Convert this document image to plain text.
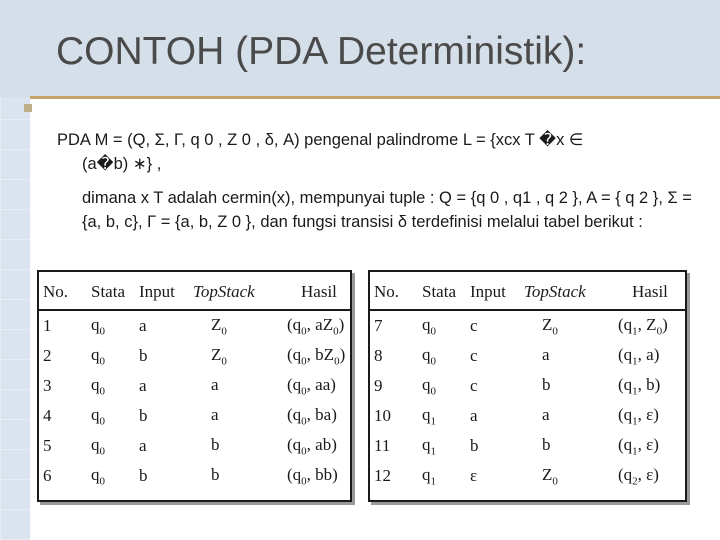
CONTOH (PDA Deterministik):

PDA M = (Q, Σ, Γ, q 0 , Z 0 , δ, A) pengenal palindrome L = {xcx T �x ∈
(a�b) ∗} ,

dimana x T adalah cermin(x), mempunyai tuple : Q = {q 0 , q1 , q 2 }, A = { q 2 }, Σ = {a, b, c}, Γ = {a, b, Z 0 }, dan fungsi transisi δ terdefinisi melalui tabel berikut :

No.	Stata	Input	TopStack	Hasil
1	$q_0$	a	$Z_0$	($q_0$, $aZ_0$)
2	$q_0$	b	$Z_0$	($q_0$, $bZ_0$)
3	$q_0$	a	a	($q_0$, aa)
4	$q_0$	b	a	($q_0$, ba)
5	$q_0$	a	b	($q_0$, ab)
6	$q_0$	b	b	($q_0$, bb)
No.	Stata	Input	TopStack	Hasil
7	$q_0$	c	$Z_0$	($q_1$, $Z_0$)
8	$q_0$	c	a	($q_1$, a)
9	$q_0$	c	b	($q_1$, b)
10	$q_1$	a	a	($q_1$, ε)
11	$q_1$	b	b	($q_1$, ε)
12	$q_1$	ε	$Z_0$	($q_2$, ε)
